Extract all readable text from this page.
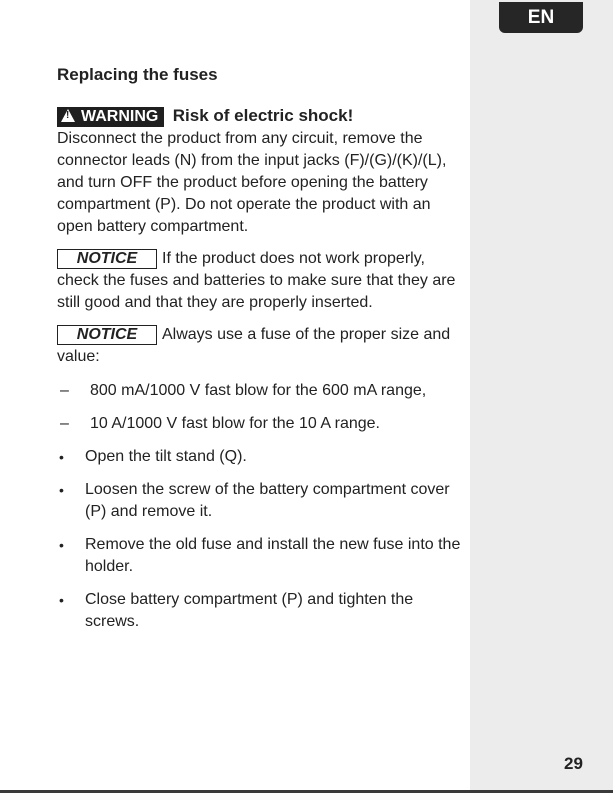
EN
Replacing the fuses

!WARNING Risk of electric shock!
Disconnect the product from any circuit, remove the connector leads (N) from the input jacks (F)/(G)/(K)/(L), and turn OFF the product before opening the battery compartment (P). Do not operate the product with an open battery compartment.

NOTICE If the product does not work properly, check the fuses and batteries to make sure that they are still good and that they are properly inserted.

NOTICE Always use a fuse of the proper size and value:

–	800 mA/1000 V fast blow for the 600 mA range,
–	10 A/1000 V fast blow for the 10 A range.
•	Open the tilt stand (Q).
•	Loosen the screw of the battery compartment cover (P) and remove it.
•	Remove the old fuse and install the new fuse into the holder.
•	Close battery compartment (P) and tighten the screws.
29
